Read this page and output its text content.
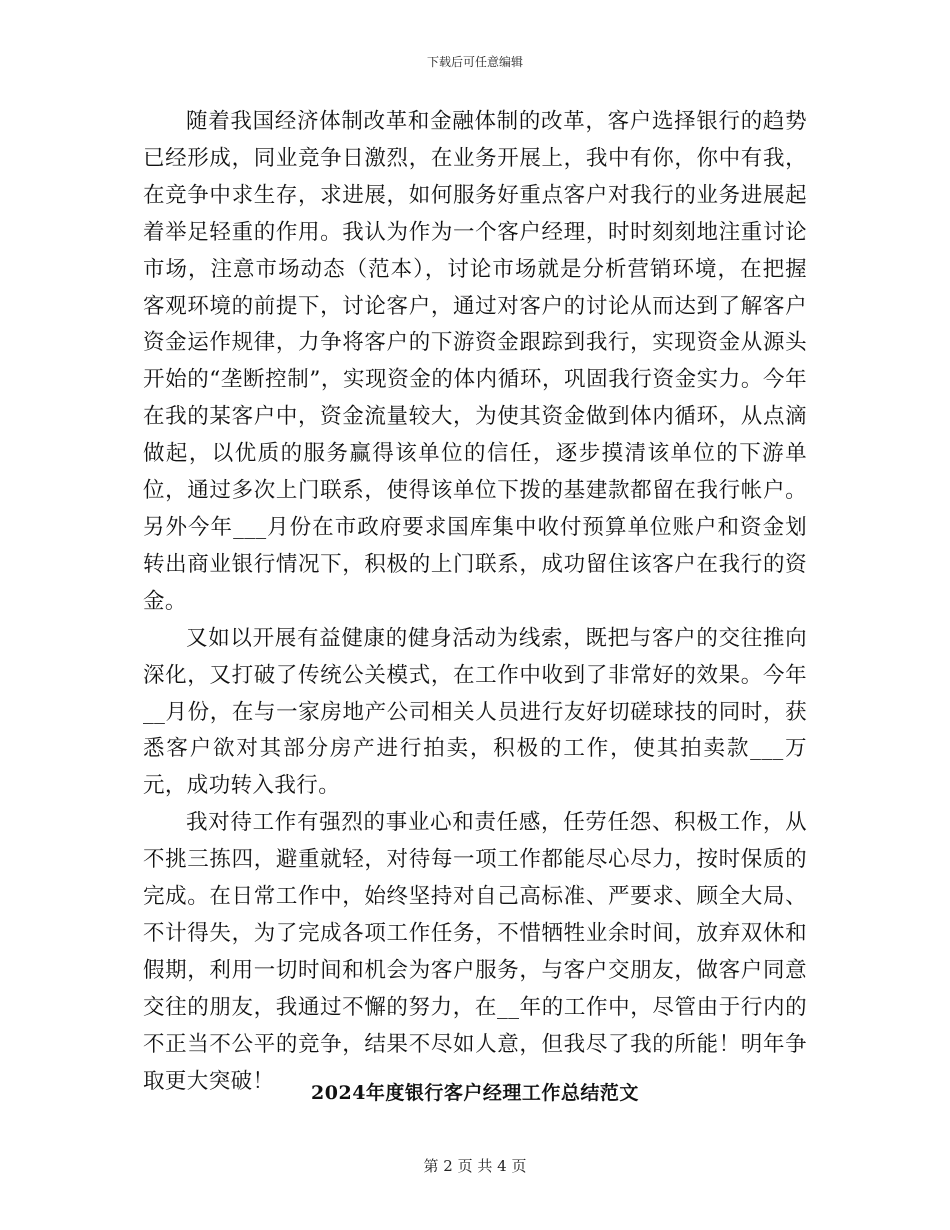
下载后可任意编辑

随着我国经济体制改革和金融体制的改革，客户选择银行的趋势已经形成，同业竞争日激烈，在业务开展上，我中有你，你中有我，在竞争中求生存，求进展，如何服务好重点客户对我行的业务进展起着举足轻重的作用。我认为作为一个客户经理，时时刻刻地注重讨论市场，注意市场动态（范本），讨论市场就是分析营销环境，在把握客观环境的前提下，讨论客户，通过对客户的讨论从而达到了解客户资金运作规律，力争将客户的下游资金跟踪到我行，实现资金从源头开始的“垄断控制”，实现资金的体内循环，巩固我行资金实力。今年在我的某客户中，资金流量较大，为使其资金做到体内循环，从点滴做起，以优质的服务赢得该单位的信任，逐步摸清该单位的下游单位，通过多次上门联系，使得该单位下拨的基建款都留在我行帐户。另外今年___月份在市政府要求国库集中收付预算单位账户和资金划转出商业银行情况下，积极的上门联系，成功留住该客户在我行的资金。

又如以开展有益健康的健身活动为线索，既把与客户的交往推向深化，又打破了传统公关模式，在工作中收到了非常好的效果。今年__月份，在与一家房地产公司相关人员进行友好切磋球技的同时，获悉客户欲对其部分房产进行拍卖，积极的工作，使其拍卖款___万元，成功转入我行。

我对待工作有强烈的事业心和责任感，任劳任怨、积极工作，从不挑三拣四，避重就轻，对待每一项工作都能尽心尽力，按时保质的完成。在日常工作中，始终坚持对自己高标准、严要求、顾全大局、不计得失，为了完成各项工作任务，不惜牺牲业余时间，放弃双休和假期，利用一切时间和机会为客户服务，与客户交朋友，做客户同意交往的朋友，我通过不懈的努力，在__年的工作中，尽管由于行内的不正当不公平的竞争，结果不尽如人意，但我尽了我的所能！明年争取更大突破！	2024年度银行客户经理工作总结范文
第 2 页 共 4 页
